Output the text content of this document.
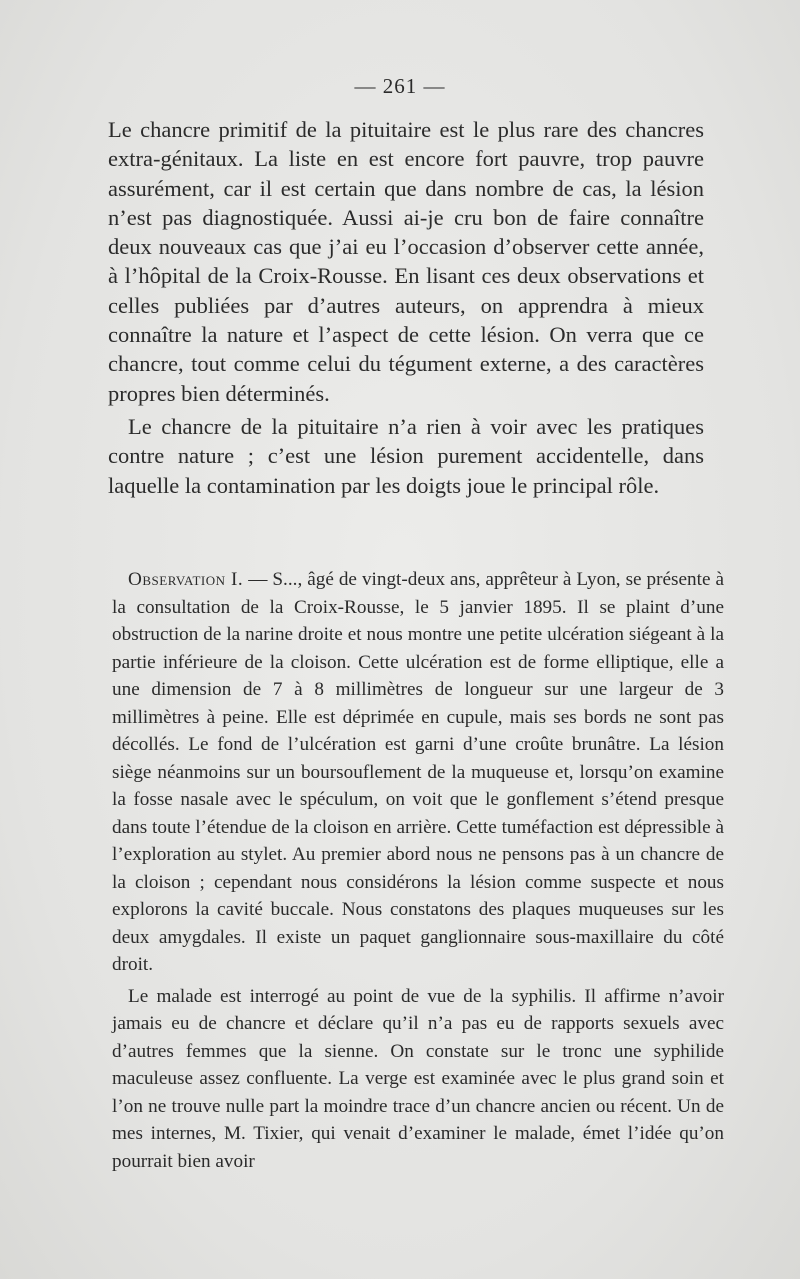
— 261 —

Le chancre primitif de la pituitaire est le plus rare des chancres extra-génitaux. La liste en est encore fort pauvre, trop pauvre assurément, car il est certain que dans nombre de cas, la lésion n’est pas diagnostiquée. Aussi ai-je cru bon de faire connaître deux nouveaux cas que j’ai eu l’occasion d’observer cette année, à l’hôpital de la Croix-Rousse. En lisant ces deux observations et celles publiées par d’autres auteurs, on apprendra à mieux connaître la nature et l’aspect de cette lésion. On verra que ce chancre, tout comme celui du tégument externe, a des caractères propres bien déterminés.

Le chancre de la pituitaire n’a rien à voir avec les pratiques contre nature ; c’est une lésion purement accidentelle, dans laquelle la contamination par les doigts joue le principal rôle.

Observation I. — S..., âgé de vingt-deux ans, apprêteur à Lyon, se présente à la consultation de la Croix-Rousse, le 5 janvier 1895. Il se plaint d’une obstruction de la narine droite et nous montre une petite ulcération siégeant à la partie inférieure de la cloison. Cette ulcération est de forme elliptique, elle a une dimension de 7 à 8 millimètres de longueur sur une largeur de 3 millimètres à peine. Elle est déprimée en cupule, mais ses bords ne sont pas décollés. Le fond de l’ulcération est garni d’une croûte brunâtre. La lésion siège néanmoins sur un boursouflement de la muqueuse et, lorsqu’on examine la fosse nasale avec le spéculum, on voit que le gonflement s’étend presque dans toute l’étendue de la cloison en arrière. Cette tuméfaction est dépressible à l’exploration au stylet. Au premier abord nous ne pensons pas à un chancre de la cloison ; cependant nous considérons la lésion comme suspecte et nous explorons la cavité buccale. Nous constatons des plaques muqueuses sur les deux amygdales. Il existe un paquet ganglionnaire sous-maxillaire du côté droit.

Le malade est interrogé au point de vue de la syphilis. Il affirme n’avoir jamais eu de chancre et déclare qu’il n’a pas eu de rapports sexuels avec d’autres femmes que la sienne. On constate sur le tronc une syphilide maculeuse assez confluente. La verge est examinée avec le plus grand soin et l’on ne trouve nulle part la moindre trace d’un chancre ancien ou récent. Un de mes internes, M. Tixier, qui venait d’examiner le malade, émet l’idée qu’on pourrait bien avoir
